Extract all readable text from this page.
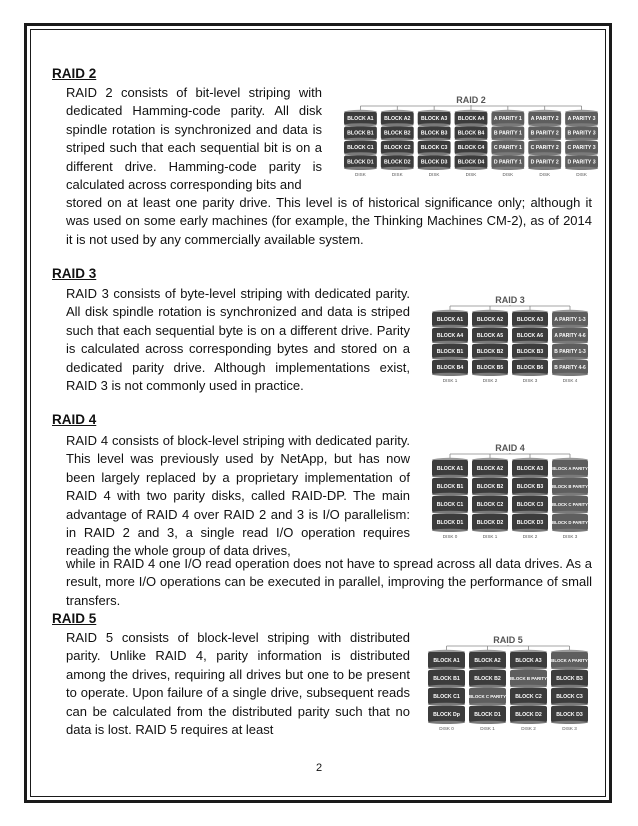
RAID 2

RAID 2 consists of bit-level striping with dedicated Hamming-code parity. All disk spindle rotation is synchronized and data is striped such that each sequential bit is on a different drive. Hamming-code parity is calculated across corresponding bits and

stored on at least one parity drive. This level is of historical significance only; although it was used on some early machines (for example, the Thinking Machines CM-2), as of 2014 it is not used by any commercially available system.

RAID 2
BLOCK A1
BLOCK B1
BLOCK C1
BLOCK D1
DISK
BLOCK A2
BLOCK B2
BLOCK C2
BLOCK D2
DISK
BLOCK A3
BLOCK B3
BLOCK C3
BLOCK D3
DISK
BLOCK A4
BLOCK B4
BLOCK C4
BLOCK D4
DISK
A PARITY 1
B PARITY 1
C PARITY 1
D PARITY 1
DISK
A PARITY 2
B PARITY 2
C PARITY 2
D PARITY 2
DISK
A PARITY 3
B PARITY 3
C PARITY 3
D PARITY 3
DISK
RAID 3

RAID 3 consists of byte-level striping with dedicated parity. All disk spindle rotation is synchronized and data is striped such that each sequential byte is on a different drive. Parity is calculated across corresponding bytes and stored on a dedicated parity drive. Although implementations exist, RAID 3 is not commonly used in practice.

RAID 3
BLOCK A1
BLOCK A4
BLOCK B1
BLOCK B4
DISK 1
BLOCK A2
BLOCK A5
BLOCK B2
BLOCK B5
DISK 2
BLOCK A3
BLOCK A6
BLOCK B3
BLOCK B6
DISK 3
A PARITY 1-3
A PARITY 4-6
B PARITY 1-3
B PARITY 4-6
DISK 4
RAID 4

RAID 4 consists of block-level striping with dedicated parity. This level was previously used by NetApp, but has now been largely replaced by a proprietary implementation of RAID 4 with two parity disks, called RAID-DP. The main advantage of RAID 4 over RAID 2 and 3 is I/O parallelism: in RAID 2 and 3, a single read I/O operation requires reading the whole group of data drives,

while in RAID 4 one I/O read operation does not have to spread across all data drives. As a result, more I/O operations can be executed in parallel, improving the performance of small transfers.

RAID 4
BLOCK A1
BLOCK B1
BLOCK C1
BLOCK D1
DISK 0
BLOCK A2
BLOCK B2
BLOCK C2
BLOCK D2
DISK 1
BLOCK A3
BLOCK B3
BLOCK C3
BLOCK D3
DISK 2
BLOCK A PARITY
BLOCK B PARITY
BLOCK C PARITY
BLOCK D PARITY
DISK 3
RAID 5

RAID 5 consists of block-level striping with distributed parity. Unlike RAID 4, parity information is distributed among the drives, requiring all drives but one to be present to operate. Upon failure of a single drive, subsequent reads can be calculated from the distributed parity such that no data is lost. RAID 5 requires at least

RAID 5
BLOCK A1
BLOCK B1
BLOCK C1
BLOCK Dp
DISK 0
BLOCK A2
BLOCK B2
BLOCK C PARITY
BLOCK D1
DISK 1
BLOCK A3
BLOCK B PARITY
BLOCK C2
BLOCK D2
DISK 2
BLOCK A PARITY
BLOCK B3
BLOCK C3
BLOCK D3
DISK 3
2
